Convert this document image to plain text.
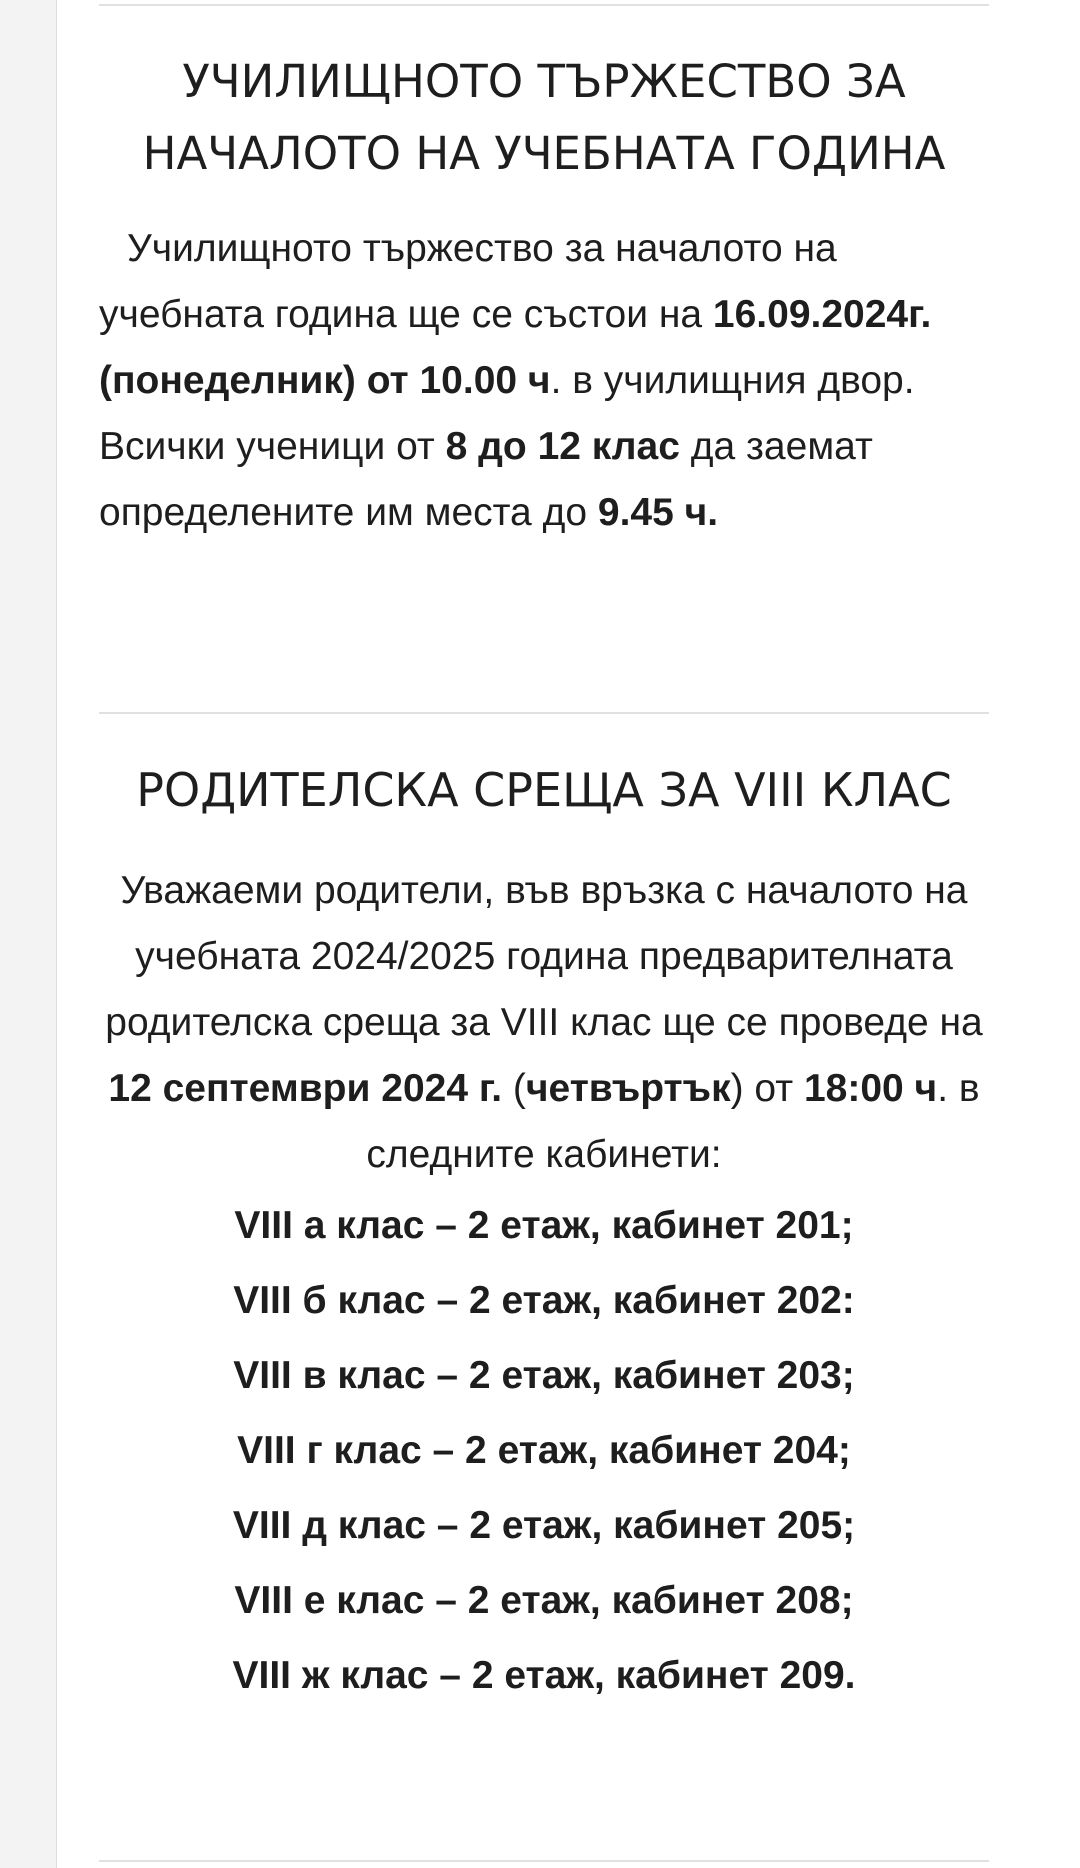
УЧИЛИЩНОТО ТЪРЖЕСТВО ЗА
НАЧАЛОТО НА УЧЕБНАТА ГОДИНА
Училищното тържество за началото на учебната година ще се състои на 16.09.2024г. (понеделник) от 10.00 ч. в училищния двор. Всички ученици от 8 до 12 клас да заемат определените им места до 9.45 ч.
РОДИТЕЛСКА СРЕЩА ЗА VIII КЛАС
Уважаеми родители, във връзка с началото на учебната 2024/2025 година предварителната родителска среща за VIII клас ще се проведе на 12 септември 2024 г. (четвъртък) от 18:00 ч. в следните кабинети:
VIII а клас – 2 етаж, кабинет 201;
VIII б клас – 2 етаж, кабинет 202:
VIII в клас – 2 етаж, кабинет 203;
VIII г клас – 2 етаж, кабинет 204;
VIII д клас – 2 етаж, кабинет 205;
VIII е клас – 2 етаж, кабинет 208;
VIII ж клас – 2 етаж, кабинет 209.
